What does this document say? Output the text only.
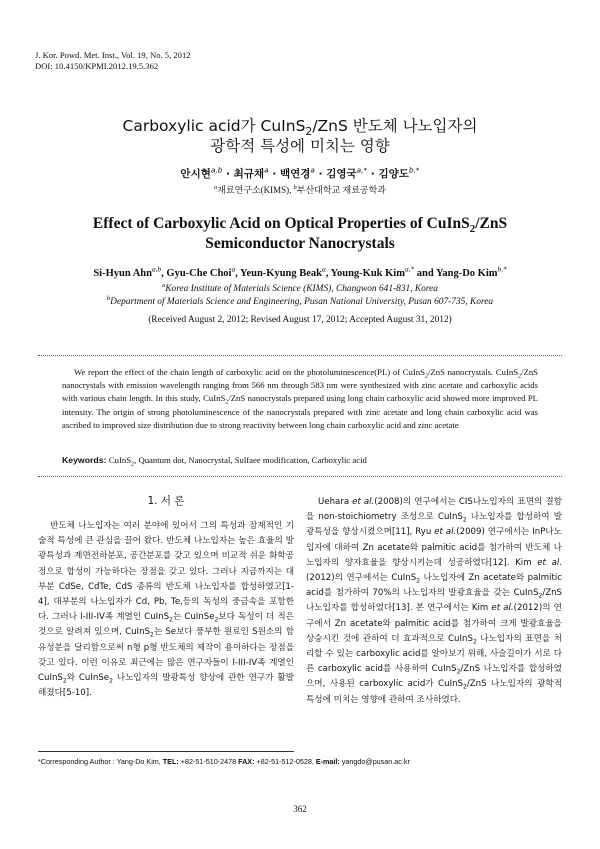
J. Kor. Powd. Met. Inst., Vol. 19, No. 5, 2012
DOI: 10.4150/KPMI.2012.19.5.362
Carboxylic acid가 CuInS$_2$/ZnS 반도체 나노입자의
광학적 특성에 미치는 영향
안시현$^{a,b}$ · 최규채$^a$ · 백연경$^a$ · 김영국$^{a,*}$ · 김양도$^{b,*}$
$^a$재료연구소(KIMS), $^b$부산대학교 재료공학과
Effect of Carboxylic Acid on Optical Properties of CuInS$_2$/ZnS
Semiconductor Nanocrystals
Si-Hyun Ahn$^{a,b}$, Gyu-Che Choi$^a$, Yeun-Kyung Beak$^a$, Young-Kuk Kim$^{a,*}$ and Yang-Do Kim$^{b,*}$
$^a$Korea Institute of Materials Science (KIMS), Changwon 641-831, Korea
$^b$Department of Materials Science and Engineering, Pusan National University, Pusan 607-735, Korea
(Received August 2, 2012; Revised August 17, 2012; Accepted August 31, 2012)
We report the effect of the chain length of carboxylic acid on the photoluminescence(PL) of CuInS$_2$/ZnS nanocrystals. CuInS$_2$/ZnS nanocrystals with emission wavelength ranging from 566 nm through 583 nm were synthesized with zinc acetate and carboxylic acids with various chain length. In this study, CuInS$_2$/ZnS nanocrystals prepared using long chain carboxylic acid showed more improved PL intensity. The origin of strong photoluminescence of the nanocrystals prepared with zinc acetate and long chain carboxylic acid was ascribed to improved size distribution due to strong reactivity between long chain carboxylic acid and zinc acetate
Keywords: CuInS$_2$, Quantum dot, Nanocrystal, Sulfaee modification, Carboxylic acid
1. 서 론
반도체 나노입자는 여러 분야에 있어서 그의 특성과 잠재적인 기술적 특성에 큰 관심을 끌어 왔다. 반도체 나노입자는 높은 효율의 발광특성과 계면전하분포, 공간분포를 갖고 있으며 비교적 쉬운 화학공정으로 합성이 가능하다는 장점을 갖고 있다. 그러나 지금까지는 대부분 CdSe, CdTe, CdS 종류의 반도체 나노입자를 합성하였고[1-4], 대부분의 나노입자가 Cd, Pb, Te,등의 독성의 중금속을 포함한다. 그러나 I-III-IV족 계열인 CuInS$_2$는 CuInSe$_2$보다 독성이 더 적은 것으로 알려져 있으며, CuInS$_2$는 Se보다 풍부한 원료인 S원소의 함유성분을 달리함으로써 n형 p형 반도체의 제작이 용이하다는 장점을 갖고 있다. 이런 이유로 최근에는 많은 연구자들이 I-III-IV족 계열인 CuInS$_2$와 CuInSe$_2$ 나노입자의 발광특성 향상에 관한 연구가 활발해졌다[5-10].
Uehara et al.(2008)의 연구에서는 CIS나노입자의 표면의 결함을 non-stoichiometry 조성으로 CuInS$_2$ 나노입자를 합성하여 발광특성을 향상시켰으며[11], Ryu et al.(2009) 연구에서는 InP나노입자에 대하여 Zn acetate와 palmitic acid를 첨가하여 반도체 나노입자의 양자효율을 향상시키는데 성공하였다[12]. Kim et al.(2012)의 연구에서는 CuInS$_2$ 나노입자에 Zn acetate와 palmitic acid를 첨가하여 70%의 나노입자의 발광효율을 갖는 CuInS$_2$/ZnS나노입자를 합성하였다[13]. 본 연구에서는 Kim et al.(2012)의 연구에서 Zn acetate와 palmitic acid를 첨가하여 크게 발광효율을 상승시킨 것에 관하여 더 효과적으로 CuInS$_2$ 나노입자의 표면을 처리할 수 있는 carboxylic acid를 알아보기 위해, 사슬길이가 서로 다른 carboxylic acid를 사용하여 CuInS$_2$/ZnS 나노입자를 합성하였으며, 사용된 carboxylic acid가 CuInS$_2$/ZnS 나노입자의 광학적 특성에 미치는 영향에 관하여 조사하였다.
*Corresponding Author : Yang-Do Kim, TEL: +82-51-510-2478 FAX: +82-51-512-0528, E-mail: yangdo@pusan.ac.kr
362
